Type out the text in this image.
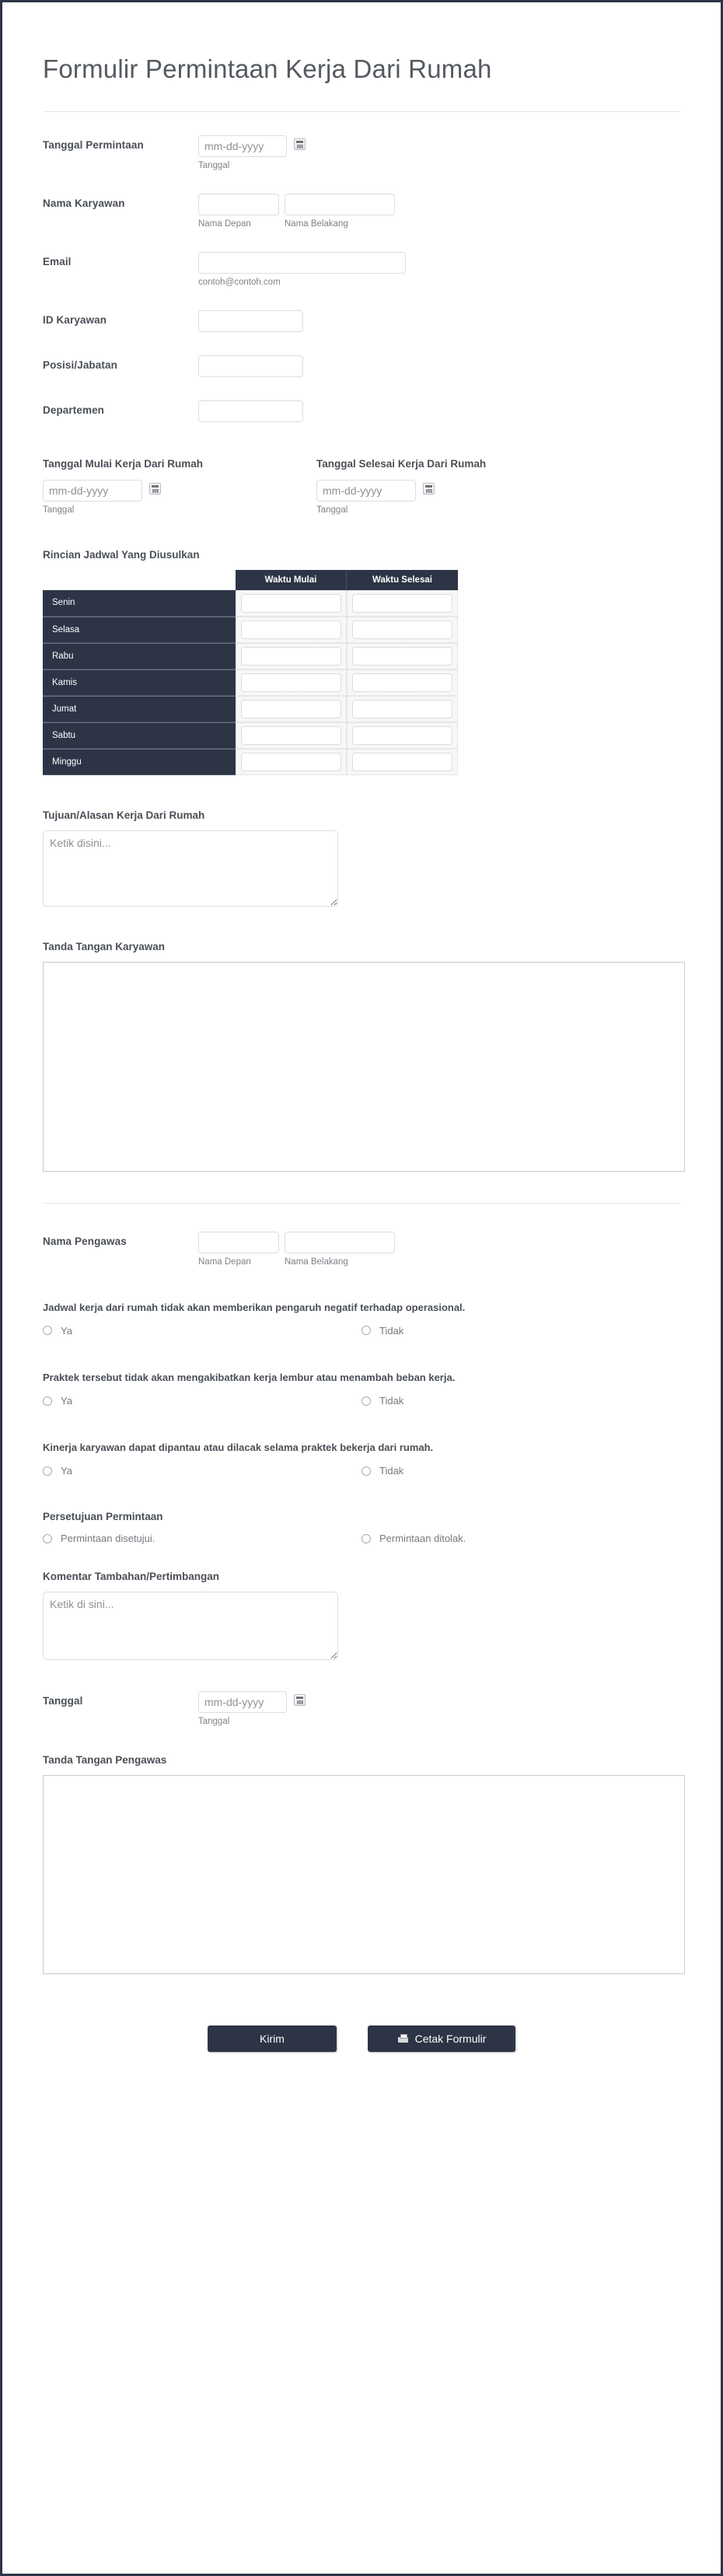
Formulir Permintaan Kerja Dari Rumah
Tanggal Permintaan
mm-dd-yyyy
Tanggal
Nama Karyawan
Nama Depan	Nama Belakang
Email
contoh@contoh.com
ID Karyawan
Posisi/Jabatan
Departemen
Tanggal Mulai Kerja Dari Rumah
mm-dd-yyyy
Tanggal
Tanggal Selesai Kerja Dari Rumah
mm-dd-yyyy
Tanggal
Rincian Jadwal Yang Diusulkan
	Waktu Mulai	Waktu Selesai
Senin		
Selasa		
Rabu		
Kamis		
Jumat		
Sabtu		
Minggu		
Tujuan/Alasan Kerja Dari Rumah
Ketik disini...
Tanda Tangan Karyawan
Nama Pengawas
Nama Depan	Nama Belakang
Jadwal kerja dari rumah tidak akan memberikan pengaruh negatif terhadap operasional.
Ya	Tidak
Praktek tersebut tidak akan mengakibatkan kerja lembur atau menambah beban kerja.
Ya	Tidak
Kinerja karyawan dapat dipantau atau dilacak selama praktek bekerja dari rumah.
Ya	Tidak
Persetujuan Permintaan
Permintaan disetujui.	Permintaan ditolak.
Komentar Tambahan/Pertimbangan
Ketik di sini...
Tanggal
mm-dd-yyyy
Tanggal
Tanda Tangan Pengawas
Kirim	Cetak Formulir
